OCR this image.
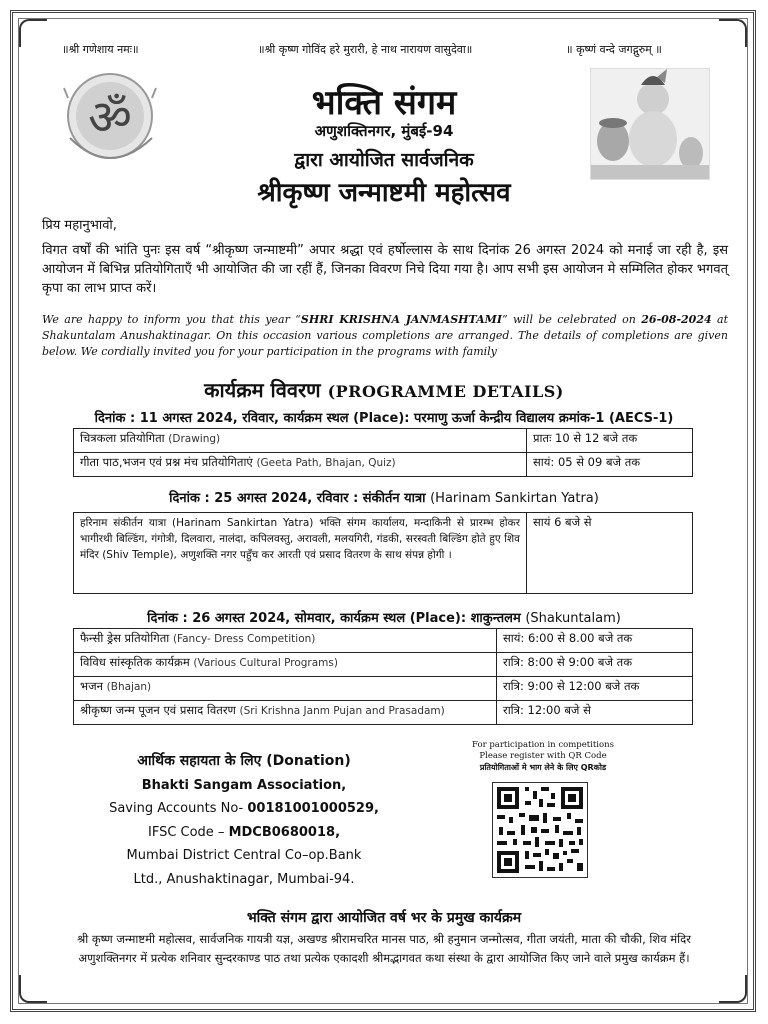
॥श्री गणेशाय नमः॥	॥श्री कृष्ण गोविंद हरे मुरारी, हे नाथ नारायण वासुदेवा॥	॥ कृष्णं वन्दे जगद्गुरुम् ॥
ॐ	भक्ति संगम
अणुशक्तिनगर, मुंबई-94
द्वारा आयोजित सार्वजनिक
श्रीकृष्ण जन्माष्टमी महोत्सव
प्रिय महानुभावो,
विगत वर्षों की भांति पुनः इस वर्ष “श्रीकृष्ण जन्माष्टमी” अपार श्रद्धा एवं हर्षोल्लास के साथ दिनांक 26 अगस्त 2024 को मनाई जा रही है, इस आयोजन में बिभिन्न प्रतियोगिताएँ भी आयोजित की जा रहीं हैं, जिनका विवरण निचे दिया गया है। आप सभी इस आयोजन मे सम्मिलित होकर भगवत् कृपा का लाभ प्राप्त करें।
We are happy to inform you that this year “SHRI KRISHNA JANMASHTAMI” will be celebrated on 26-08-2024 at Shakuntalam Anushaktinagar. On this occasion various completions are arranged. The details of completions are given below. We cordially invited you for your participation in the programs with family
कार्यक्रम विवरण (PROGRAMME DETAILS)
दिनांक : 11 अगस्त 2024, रविवार, कार्यक्रम स्थल (Place): परमाणु ऊर्जा केन्द्रीय विद्यालय क्रमांक-1 (AECS-1)
चित्रकला प्रतियोगिता (Drawing)	प्रातः 10 से 12 बजे तक
गीता पाठ,भजन एवं प्रश्न मंच प्रतियोगिताएं (Geeta Path, Bhajan, Quiz)	सायं: 05 से 09 बजे तक
दिनांक : 25 अगस्त 2024, रविवार : संकीर्तन यात्रा (Harinam Sankirtan Yatra)
हरिनाम संकीर्तन यात्रा (Harinam Sankirtan Yatra) भक्ति संगम कार्यालय, मन्दाकिनी से प्रारम्भ होकर भागीरथी बिल्डिंग, गंगोत्री, दिलवारा, नालंदा, कपिलवस्तु, अरावली, मलयगिरी, गंडकी, सरस्वती बिल्डिंग होते हुए शिव मंदिर (Shiv Temple), अणुशक्ति नगर पहुँच कर आरती एवं प्रसाद वितरण के साथ संपन्न होगी ।	सायं 6 बजे से
दिनांक : 26 अगस्त 2024, सोमवार, कार्यक्रम स्थल (Place): शाकुन्तलम (Shakuntalam)
फैन्सी ड्रेस प्रतियोगिता (Fancy- Dress Competition)	सायं: 6:00 से 8.00 बजे तक
विविध सांस्कृतिक कार्यक्रम (Various Cultural Programs)	रात्रि: 8:00 से 9:00 बजे तक
भजन (Bhajan)	रात्रि: 9:00 से 12:00 बजे तक
श्रीकृष्ण जन्म पूजन एवं प्रसाद वितरण (Sri Krishna Janm Pujan and Prasadam)	रात्रि: 12:00 बजे से
आर्थिक सहायता के लिए (Donation)
Bhakti Sangam Association,
Saving Accounts No- 00181001000529,
IFSC Code – MDCB0680018,
Mumbai District Central Co–op.Bank
Ltd., Anushaktinagar, Mumbai-94.
For participation in competitions
Please register with QR Code
प्रतियोगिताओं मे भाग लेने के लिए QRकोड
भक्ति संगम द्वारा आयोजित वर्ष भर के प्रमुख कार्यक्रम
श्री कृष्ण जन्माष्टमी महोत्सव, सार्वजनिक गायत्री यज्ञ, अखण्ड श्रीरामचरित मानस पाठ, श्री हनुमान जन्मोत्सव, गीता जयंती, माता की चौकी, शिव मंदिर अणुशक्तिनगर में प्रत्येक शनिवार सुन्दरकाण्ड पाठ तथा प्रत्येक एकादशी श्रीमद्भागवत कथा संस्था के द्वारा आयोजित किए जाने वाले प्रमुख कार्यक्रम हैं।
